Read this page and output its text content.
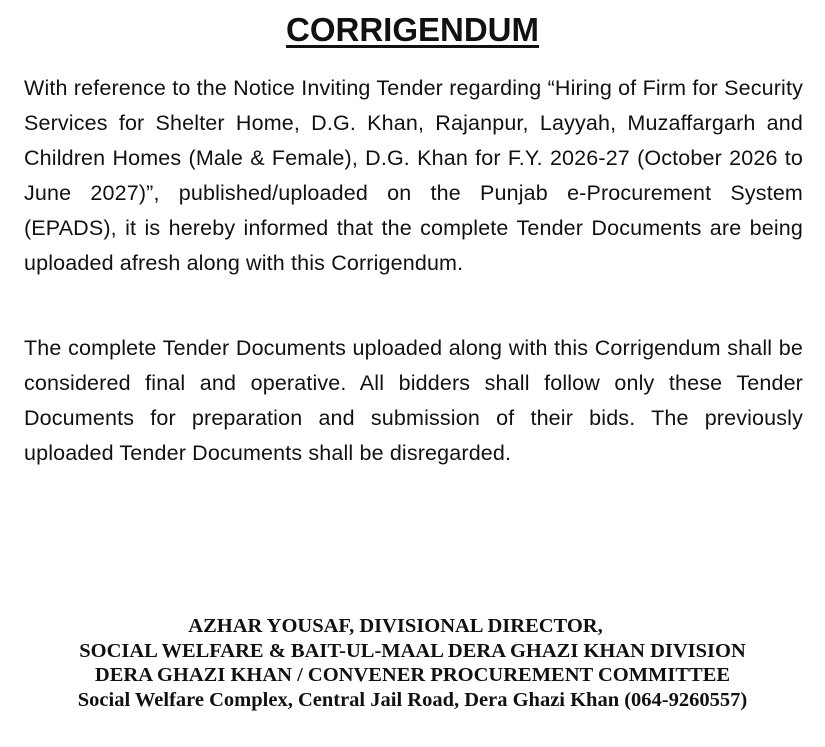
CORRIGENDUM

With reference to the Notice Inviting Tender regarding “Hiring of Firm for Security Services for Shelter Home, D.G. Khan, Rajanpur, Layyah, Muzaffargarh and Children Homes (Male & Female), D.G. Khan for F.Y. 2026-27 (October 2026 to June 2027)”, published/uploaded on the Punjab e-Procurement System (EPADS), it is hereby informed that the complete Tender Documents are being uploaded afresh along with this Corrigendum.

The complete Tender Documents uploaded along with this Corrigendum shall be considered final and operative. All bidders shall follow only these Tender Documents for preparation and submission of their bids. The previously uploaded Tender Documents shall be disregarded.

AZHAR YOUSAF, DIVISIONAL DIRECTOR,
SOCIAL WELFARE & BAIT-UL-MAAL DERA GHAZI KHAN DIVISION
DERA GHAZI KHAN / CONVENER PROCUREMENT COMMITTEE
Social Welfare Complex, Central Jail Road, Dera Ghazi Khan (064-9260557)
